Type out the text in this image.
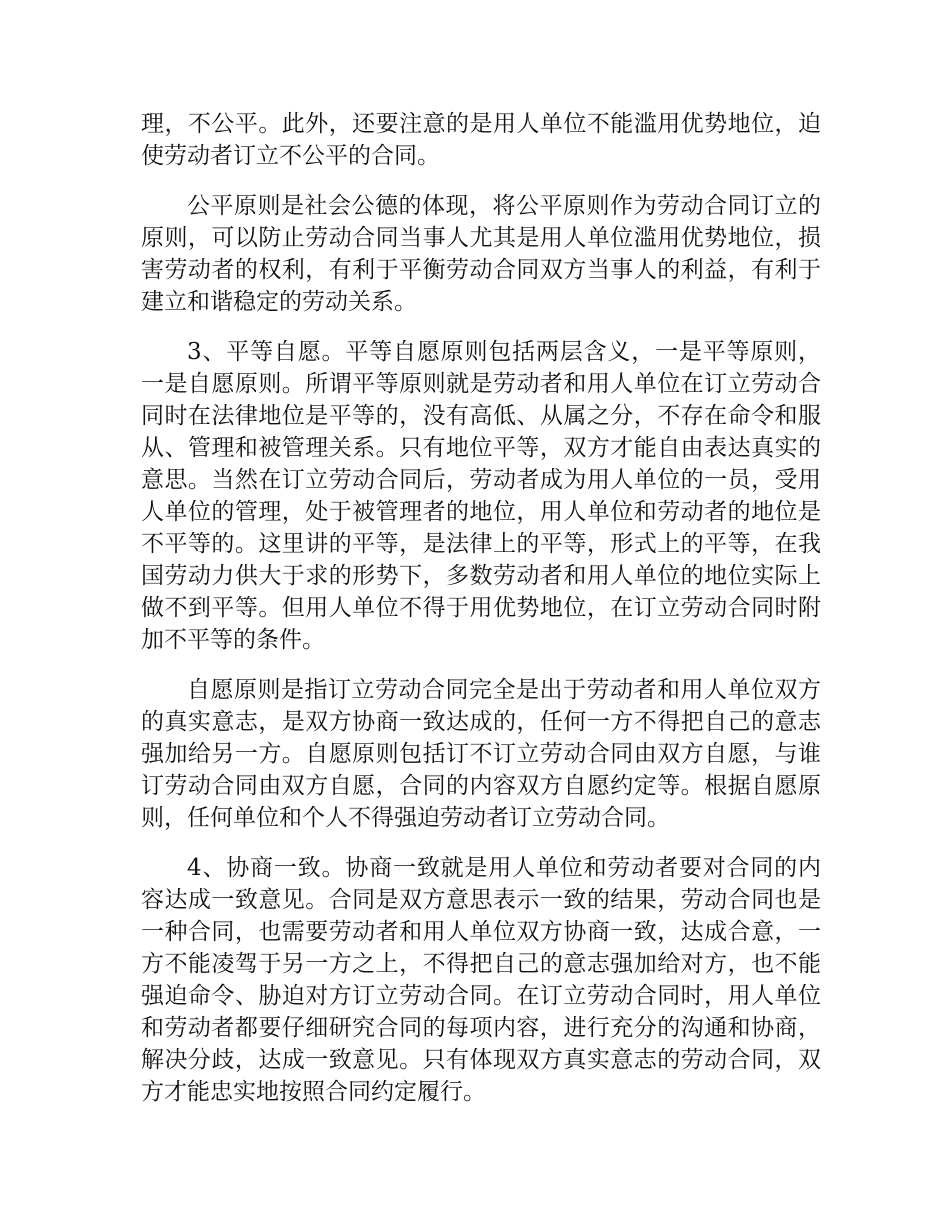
理，不公平。此外，还要注意的是用人单位不能滥用优势地位，迫使劳动者订立不公平的合同。

公平原则是社会公德的体现，将公平原则作为劳动合同订立的原则，可以防止劳动合同当事人尤其是用人单位滥用优势地位，损害劳动者的权利，有利于平衡劳动合同双方当事人的利益，有利于建立和谐稳定的劳动关系。

3、平等自愿。平等自愿原则包括两层含义，一是平等原则，一是自愿原则。所谓平等原则就是劳动者和用人单位在订立劳动合同时在法律地位是平等的，没有高低、从属之分，不存在命令和服从、管理和被管理关系。只有地位平等，双方才能自由表达真实的意思。当然在订立劳动合同后，劳动者成为用人单位的一员，受用人单位的管理，处于被管理者的地位，用人单位和劳动者的地位是不平等的。这里讲的平等，是法律上的平等，形式上的平等，在我国劳动力供大于求的形势下，多数劳动者和用人单位的地位实际上做不到平等。但用人单位不得于用优势地位，在订立劳动合同时附加不平等的条件。

自愿原则是指订立劳动合同完全是出于劳动者和用人单位双方的真实意志，是双方协商一致达成的，任何一方不得把自己的意志强加给另一方。自愿原则包括订不订立劳动合同由双方自愿，与谁订劳动合同由双方自愿，合同的内容双方自愿约定等。根据自愿原则，任何单位和个人不得强迫劳动者订立劳动合同。

4、协商一致。协商一致就是用人单位和劳动者要对合同的内容达成一致意见。合同是双方意思表示一致的结果，劳动合同也是一种合同，也需要劳动者和用人单位双方协商一致，达成合意，一方不能凌驾于另一方之上，不得把自己的意志强加给对方，也不能强迫命令、胁迫对方订立劳动合同。在订立劳动合同时，用人单位和劳动者都要仔细研究合同的每项内容，进行充分的沟通和协商，解决分歧，达成一致意见。只有体现双方真实意志的劳动合同，双方才能忠实地按照合同约定履行。
